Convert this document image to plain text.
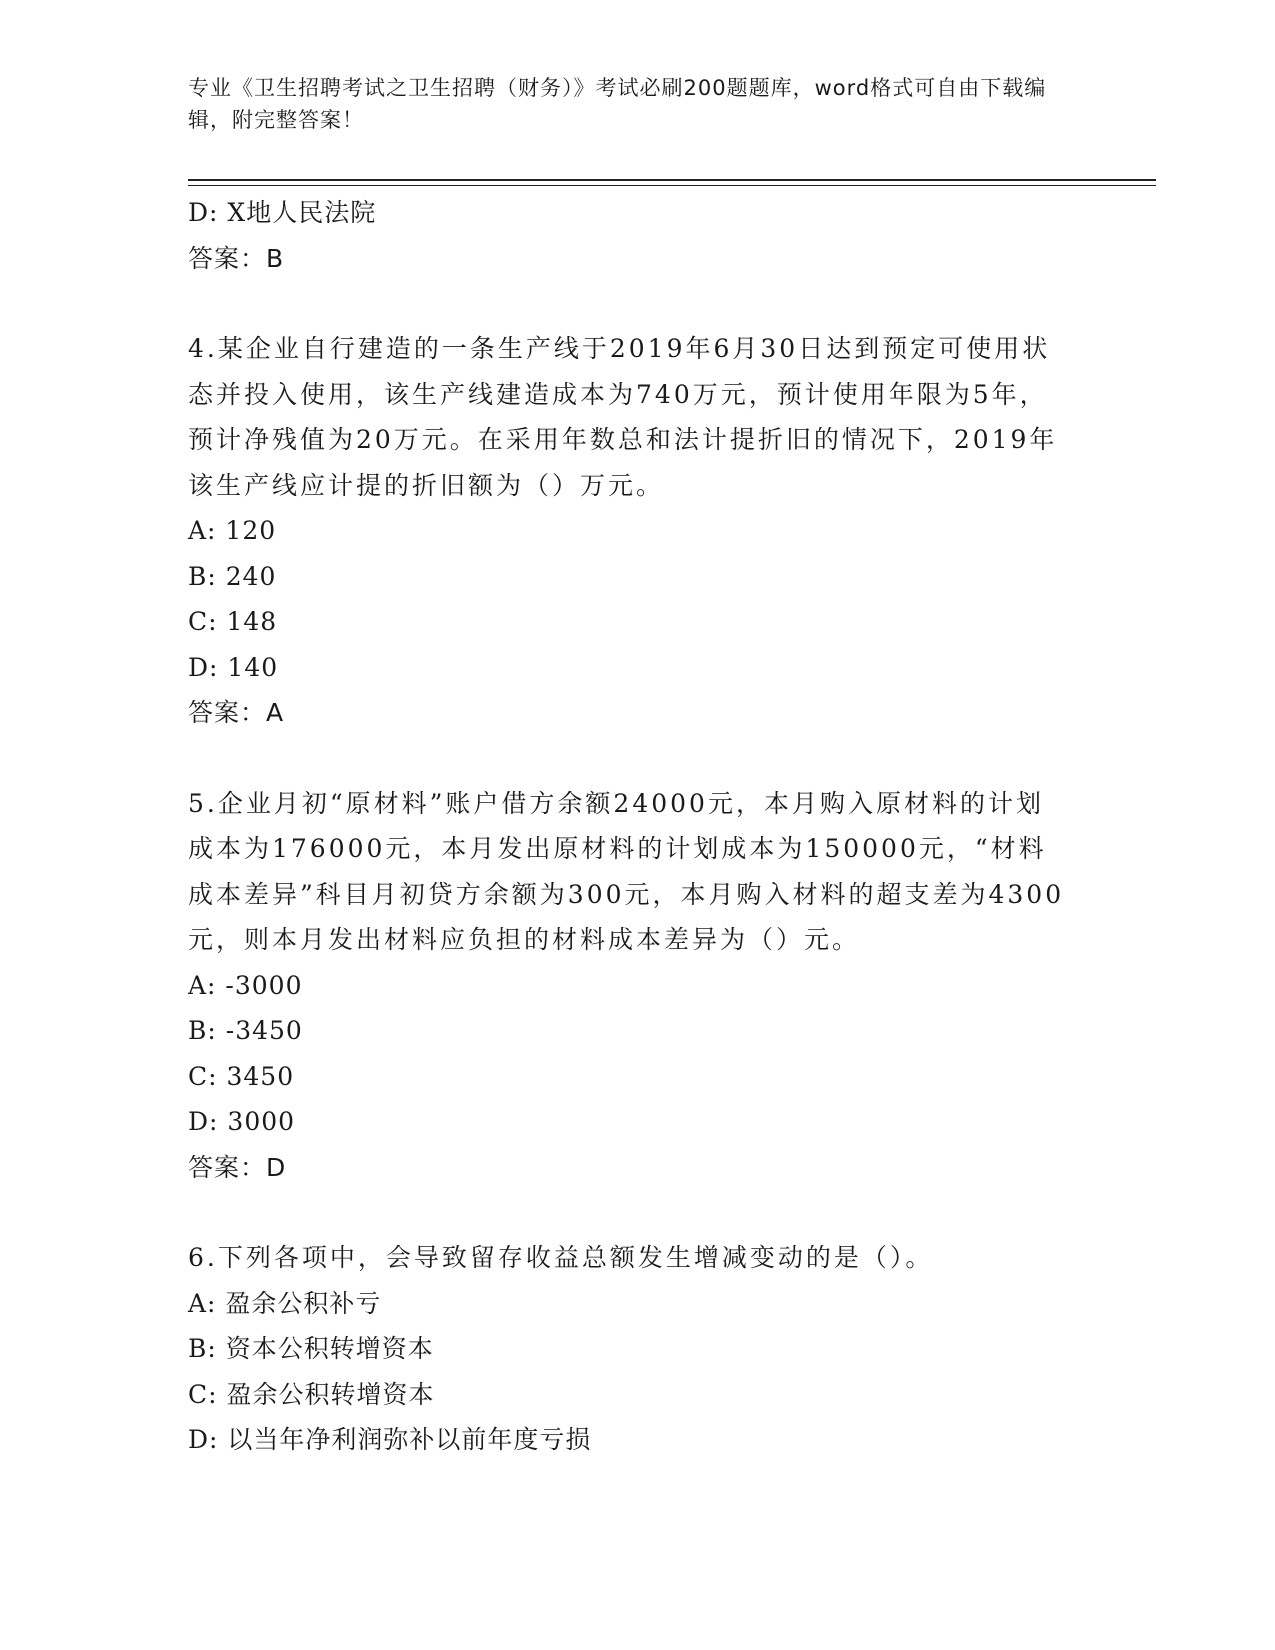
专业《卫生招聘考试之卫生招聘（财务）》考试必刷200题题库，word格式可自由下载编辑，附完整答案！
D: X地人民法院
答案：B
4.某企业自行建造的一条生产线于2019年6月30日达到预定可使用状态并投入使用，该生产线建造成本为740万元，预计使用年限为5年，预计净残值为20万元。在采用年数总和法计提折旧的情况下，2019年该生产线应计提的折旧额为（）万元。
A: 120
B: 240
C: 148
D: 140
答案：A
5.企业月初“原材料”账户借方余额24000元，本月购入原材料的计划成本为176000元，本月发出原材料的计划成本为150000元，“材料成本差异”科目月初贷方余额为300元，本月购入材料的超支差为4300元，则本月发出材料应负担的材料成本差异为（）元。
A: -3000
B: -3450
C: 3450
D: 3000
答案：D
6.下列各项中，会导致留存收益总额发生增减变动的是（）。
A: 盈余公积补亏
B: 资本公积转增资本
C: 盈余公积转增资本
D: 以当年净利润弥补以前年度亏损
